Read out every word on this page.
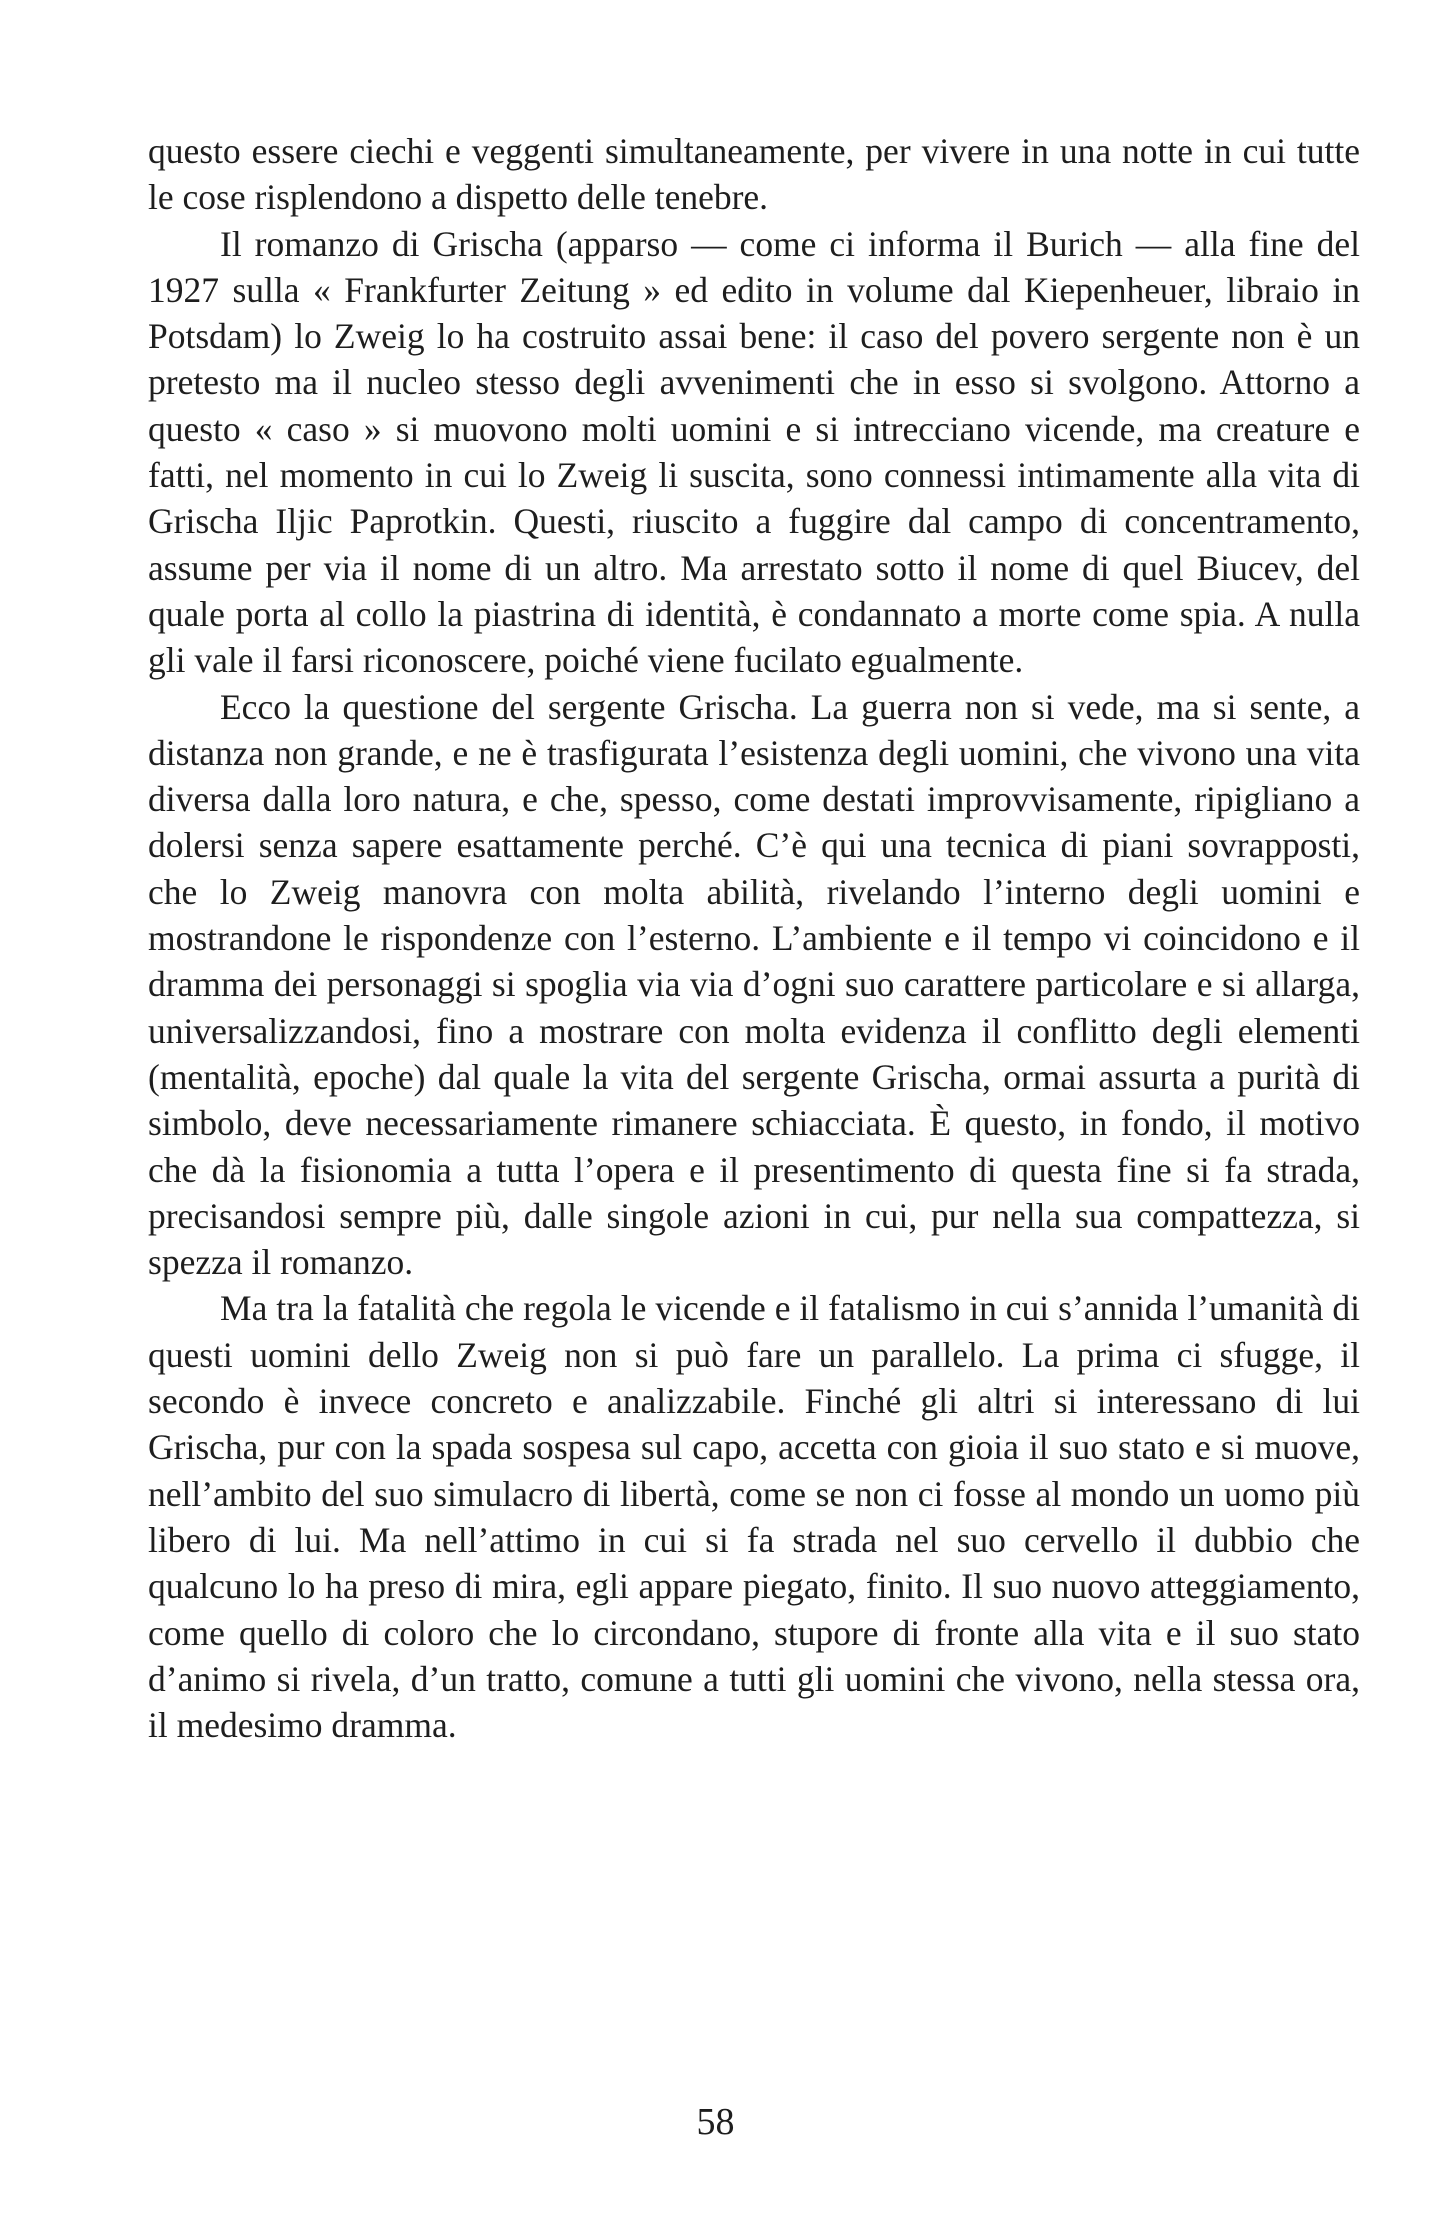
questo essere ciechi e veggenti simultaneamente, per vivere in una notte in cui tutte le cose risplendono a dispetto delle tenebre.

Il romanzo di Grischa (apparso — come ci informa il Burich — alla fine del 1927 sulla « Frankfurter Zeitung » ed edito in volume dal Kiepenheuer, libraio in Potsdam) lo Zweig lo ha costruito assai bene: il caso del povero sergente non è un pretesto ma il nucleo stesso degli avvenimenti che in esso si svolgono. Attorno a questo « caso » si muovono molti uomini e si intrecciano vicende, ma creature e fatti, nel momento in cui lo Zweig li suscita, sono connessi intimamente alla vita di Grischa Iljic Paprotkin. Questi, riuscito a fuggire dal campo di concentramento, assume per via il nome di un altro. Ma arrestato sotto il nome di quel Biucev, del quale porta al collo la piastrina di identità, è condannato a morte come spia. A nulla gli vale il farsi riconoscere, poiché viene fucilato egualmente.

Ecco la questione del sergente Grischa. La guerra non si vede, ma si sente, a distanza non grande, e ne è trasfigurata l’esistenza degli uomini, che vivono una vita diversa dalla loro natura, e che, spesso, come destati improvvisamente, ripigliano a dolersi senza sapere esattamente perché. C’è qui una tecnica di piani sovrapposti, che lo Zweig manovra con molta abilità, rivelando l’interno degli uomini e mostrandone le rispondenze con l’esterno. L’ambiente e il tempo vi coincidono e il dramma dei personaggi si spoglia via via d’ogni suo carattere particolare e si allarga, universalizzandosi, fino a mostrare con molta evidenza il conflitto degli elementi (mentalità, epoche) dal quale la vita del sergente Grischa, ormai assurta a purità di simbolo, deve necessariamente rimanere schiacciata. È questo, in fondo, il motivo che dà la fisionomia a tutta l’opera e il presentimento di questa fine si fa strada, precisandosi sempre più, dalle singole azioni in cui, pur nella sua compattezza, si spezza il romanzo.

Ma tra la fatalità che regola le vicende e il fatalismo in cui s’annida l’umanità di questi uomini dello Zweig non si può fare un parallelo. La prima ci sfugge, il secondo è invece concreto e analizzabile. Finché gli altri si interessano di lui Grischa, pur con la spada sospesa sul capo, accetta con gioia il suo stato e si muove, nell’ambito del suo simulacro di libertà, come se non ci fosse al mondo un uomo più libero di lui. Ma nell’attimo in cui si fa strada nel suo cervello il dubbio che qualcuno lo ha preso di mira, egli appare piegato, finito. Il suo nuovo atteggiamento, come quello di coloro che lo circondano, stupore di fronte alla vita e il suo stato d’animo si rivela, d’un tratto, comune a tutti gli uomini che vivono, nella stessa ora, il medesimo dramma.

58
